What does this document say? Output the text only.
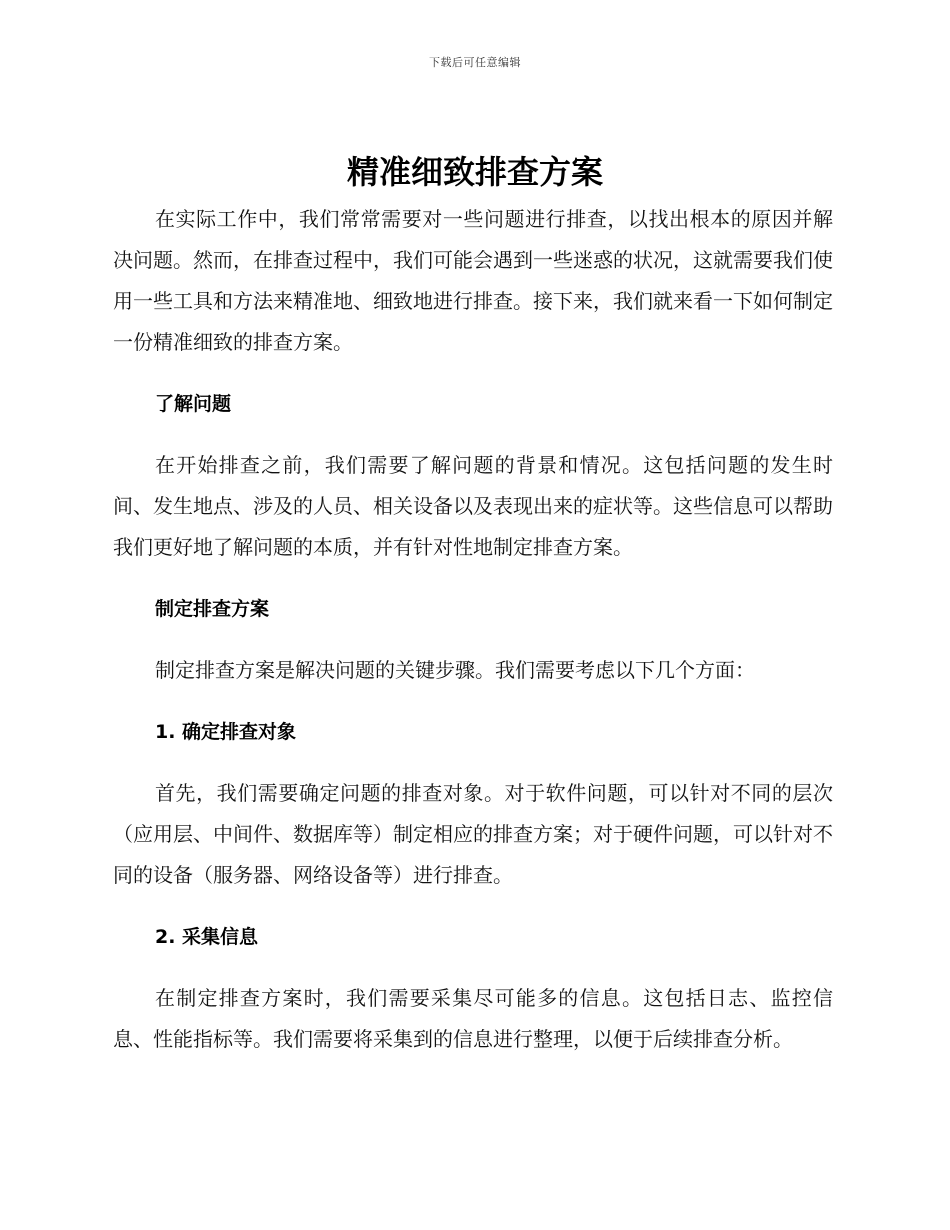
下载后可任意编辑
精准细致排查方案

在实际工作中，我们常常需要对一些问题进行排查，以找出根本的原因并解决问题。然而，在排查过程中，我们可能会遇到一些迷惑的状况，这就需要我们使用一些工具和方法来精准地、细致地进行排查。接下来，我们就来看一下如何制定一份精准细致的排查方案。

了解问题

在开始排查之前，我们需要了解问题的背景和情况。这包括问题的发生时间、发生地点、涉及的人员、相关设备以及表现出来的症状等。这些信息可以帮助我们更好地了解问题的本质，并有针对性地制定排查方案。

制定排查方案

制定排查方案是解决问题的关键步骤。我们需要考虑以下几个方面：

1. 确定排查对象

首先，我们需要确定问题的排查对象。对于软件问题，可以针对不同的层次（应用层、中间件、数据库等）制定相应的排查方案；对于硬件问题，可以针对不同的设备（服务器、网络设备等）进行排查。

2. 采集信息

在制定排查方案时，我们需要采集尽可能多的信息。这包括日志、监控信息、性能指标等。我们需要将采集到的信息进行整理，以便于后续排查分析。
